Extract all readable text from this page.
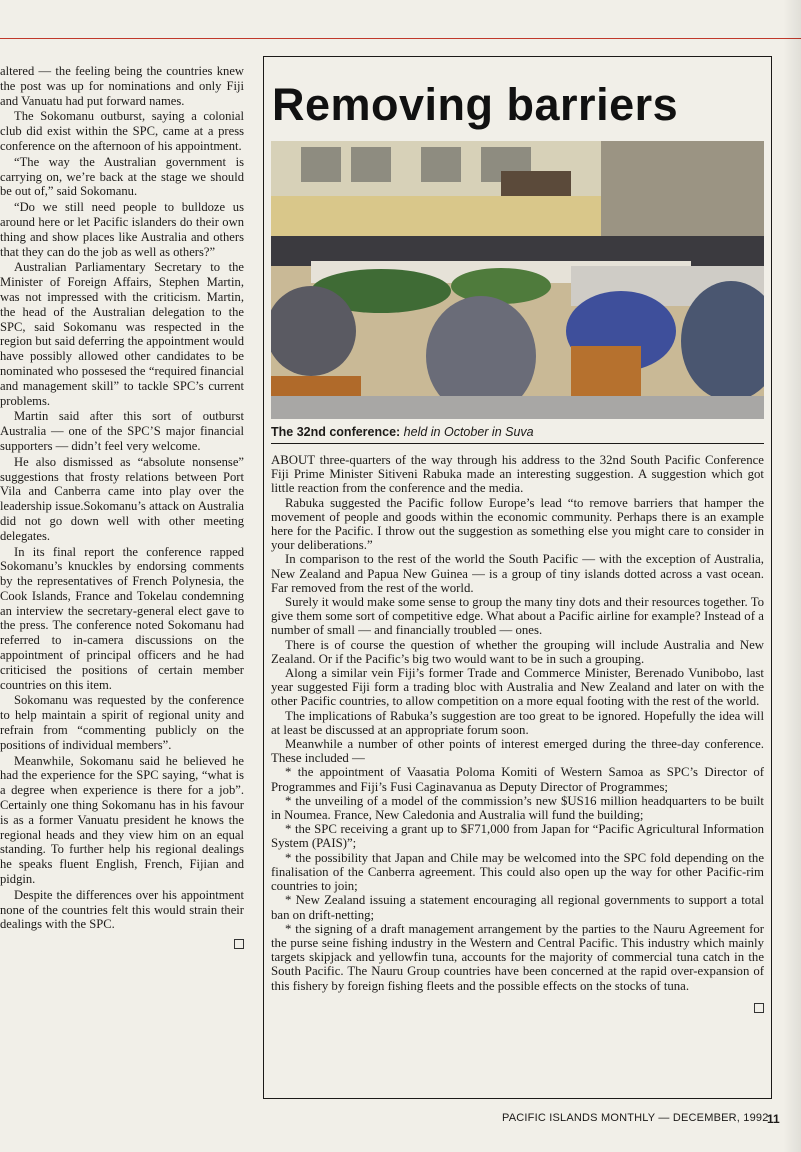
altered — the feeling being the countries knew the post was up for nominations and only Fiji and Vanuatu had put forward names.

The Sokomanu outburst, saying a colonial club did exist within the SPC, came at a press conference on the afternoon of his appointment.

“The way the Australian government is carrying on, we’re back at the stage we should be out of,” said Sokomanu.

“Do we still need people to bulldoze us around here or let Pacific islanders do their own thing and show places like Australia and others that they can do the job as well as others?”

Australian Parliamentary Secretary to the Minister of Foreign Affairs, Stephen Martin, was not impressed with the criticism. Martin, the head of the Australian delegation to the SPC, said Sokomanu was respected in the region but said deferring the appointment would have possibly allowed other candidates to be nominated who possesed the “required financial and management skill” to tackle SPC’s current problems.

Martin said after this sort of outburst Australia — one of the SPC’S major financial supporters — didn’t feel very welcome.

He also dismissed as “absolute nonsense” suggestions that frosty relations between Port Vila and Canberra came into play over the leadership issue.Sokomanu’s attack on Australia did not go down well with other meeting delegates.

In its final report the conference rapped Sokomanu’s knuckles by endorsing comments by the representatives of French Polynesia, the Cook Islands, France and Tokelau condemning an interview the secretary-general elect gave to the press. The conference noted Sokomanu had referred to in-camera discussions on the appointment of principal officers and he had criticised the positions of certain member countries on this item.

Sokomanu was requested by the conference to help maintain a spirit of regional unity and refrain from “commenting publicly on the positions of individual members”.

Meanwhile, Sokomanu said he believed he had the experience for the SPC saying, “what is a degree when experience is there for a job”. Certainly one thing Sokomanu has in his favour is as a former Vanuatu president he knows the regional heads and they view him on an equal standing. To further help his regional dealings he speaks fluent English, French, Fijian and pidgin.

Despite the differences over his appointment none of the countries felt this would strain their dealings with the SPC.

Removing barriers
The 32nd conference: held in October in Suva

ABOUT three-quarters of the way through his address to the 32nd South Pacific Conference Fiji Prime Minister Sitiveni Rabuka made an interesting suggestion. A suggestion which got little reaction from the conference and the media.

Rabuka suggested the Pacific follow Europe’s lead “to remove barriers that hamper the movement of people and goods within the economic community. Perhaps there is an example here for the Pacific. I throw out the suggestion as something else you might care to consider in your deliberations.”

In comparison to the rest of the world the South Pacific — with the exception of Australia, New Zealand and Papua New Guinea — is a group of tiny islands dotted across a vast ocean. Far removed from the rest of the world.

Surely it would make some sense to group the many tiny dots and their resources together. To give them some sort of competitive edge. What about a Pacific airline for example? Instead of a number of small — and financially troubled — ones.

There is of course the question of whether the grouping will include Australia and New Zealand. Or if the Pacific’s big two would want to be in such a grouping.

Along a similar vein Fiji’s former Trade and Commerce Minister, Berenado Vunibobo, last year suggested Fiji form a trading bloc with Australia and New Zealand and later on with the other Pacific countries, to allow competition on a more equal footing with the rest of the world.

The implications of Rabuka’s suggestion are too great to be ignored. Hopefully the idea will at least be discussed at an appropriate forum soon.

Meanwhile a number of other points of interest emerged during the three-day conference. These included —

* the appointment of Vaasatia Poloma Komiti of Western Samoa as SPC’s Director of Programmes and Fiji’s Fusi Caginavanua as Deputy Director of Programmes;

* the unveiling of a model of the commission’s new $US16 million headquarters to be built in Noumea. France, New Caledonia and Australia will fund the building;

* the SPC receiving a grant up to $F71,000 from Japan for “Pacific Agricultural Information System (PAIS)”;

* the possibility that Japan and Chile may be welcomed into the SPC fold depending on the finalisation of the Canberra agreement. This could also open up the way for other Pacific-rim countries to join;

* New Zealand issuing a statement encouraging all regional governments to support a total ban on drift-netting;

* the signing of a draft management arrangement by the parties to the Nauru Agreement for the purse seine fishing industry in the Western and Central Pacific. This industry which mainly targets skipjack and yellowfin tuna, accounts for the majority of commercial tuna catch in the South Pacific. The Nauru Group countries have been concerned at the rapid over-expansion of this fishery by foreign fishing fleets and the possible effects on the stocks of tuna.

PACIFIC ISLANDS MONTHLY — DECEMBER, 1992
11
